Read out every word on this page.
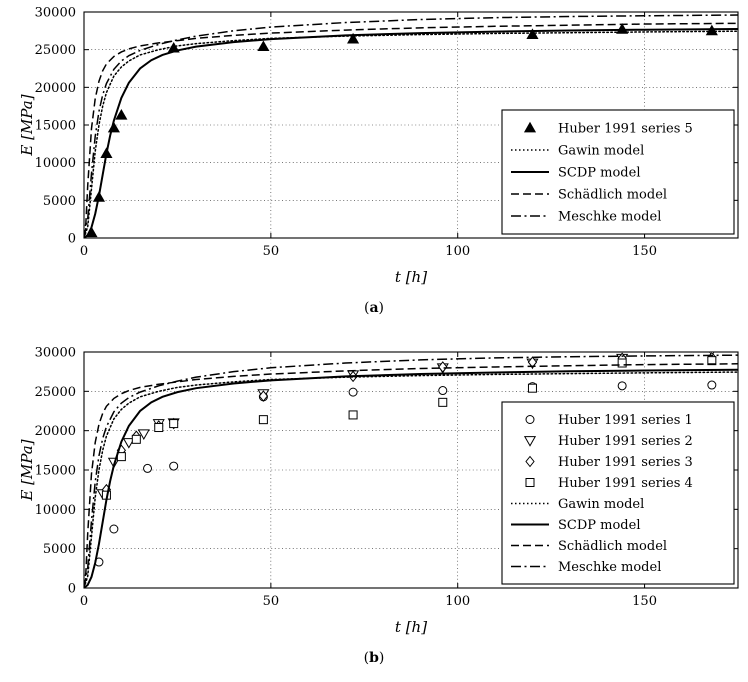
0	50	100	150
0
5000
10000
15000
20000
25000
30000
t [h]
E [MPa]	Huber 1991 series 5
Gawin model
SCDP model
Schädlich model
Meschke model
(a)
0	50	100	150
0
5000
10000
15000
20000
25000
30000
t [h]
E [MPa]
Huber 1991 series 1
Huber 1991 series 2
Huber 1991 series 3
Huber 1991 series 4
Gawin model
SCDP model
Schädlich model
Meschke model
(b)
